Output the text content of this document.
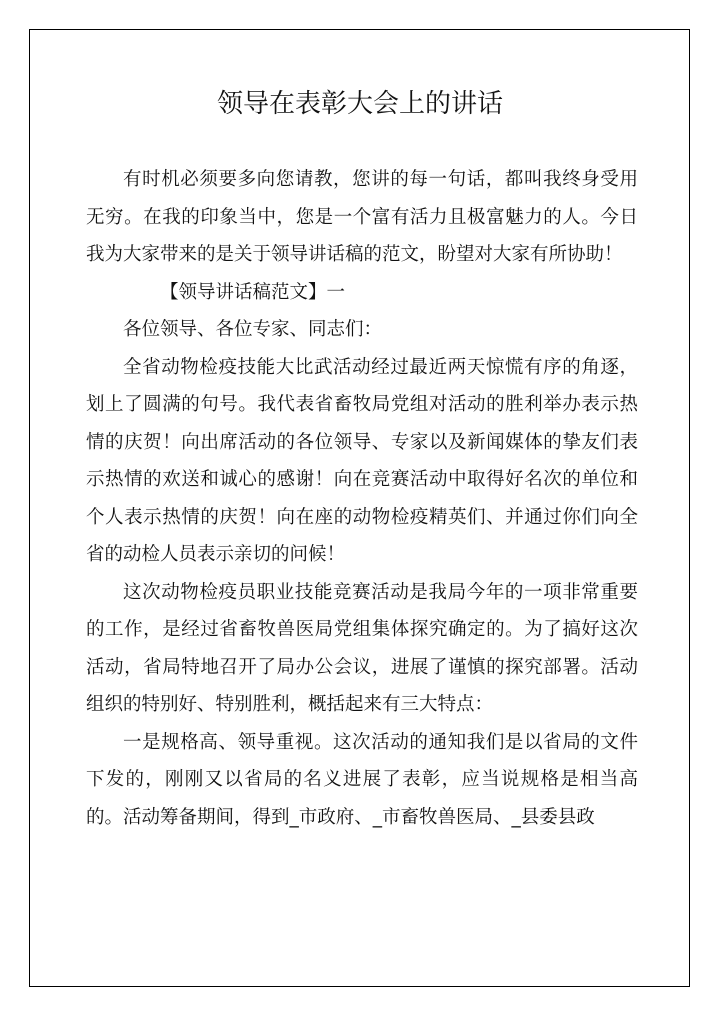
领导在表彰大会上的讲话

有时机必须要多向您请教，您讲的每一句话，都叫我终身受用无穷。在我的印象当中，您是一个富有活力且极富魅力的人。今日我为大家带来的是关于领导讲话稿的范文，盼望对大家有所协助！

【领导讲话稿范文】一

各位领导、各位专家、同志们：

全省动物检疫技能大比武活动经过最近两天惊慌有序的角逐，划上了圆满的句号。我代表省畜牧局党组对活动的胜利举办表示热情的庆贺！向出席活动的各位领导、专家以及新闻媒体的挚友们表示热情的欢送和诚心的感谢！向在竞赛活动中取得好名次的单位和个人表示热情的庆贺！向在座的动物检疫精英们、并通过你们向全省的动检人员表示亲切的问候！

这次动物检疫员职业技能竞赛活动是我局今年的一项非常重要的工作，是经过省畜牧兽医局党组集体探究确定的。为了搞好这次活动，省局特地召开了局办公会议，进展了谨慎的探究部署。活动组织的特别好、特别胜利，概括起来有三大特点：

一是规格高、领导重视。这次活动的通知我们是以省局的文件下发的，刚刚又以省局的名义进展了表彰，应当说规格是相当高的。活动筹备期间，得到_市政府、_市畜牧兽医局、_县委县政
